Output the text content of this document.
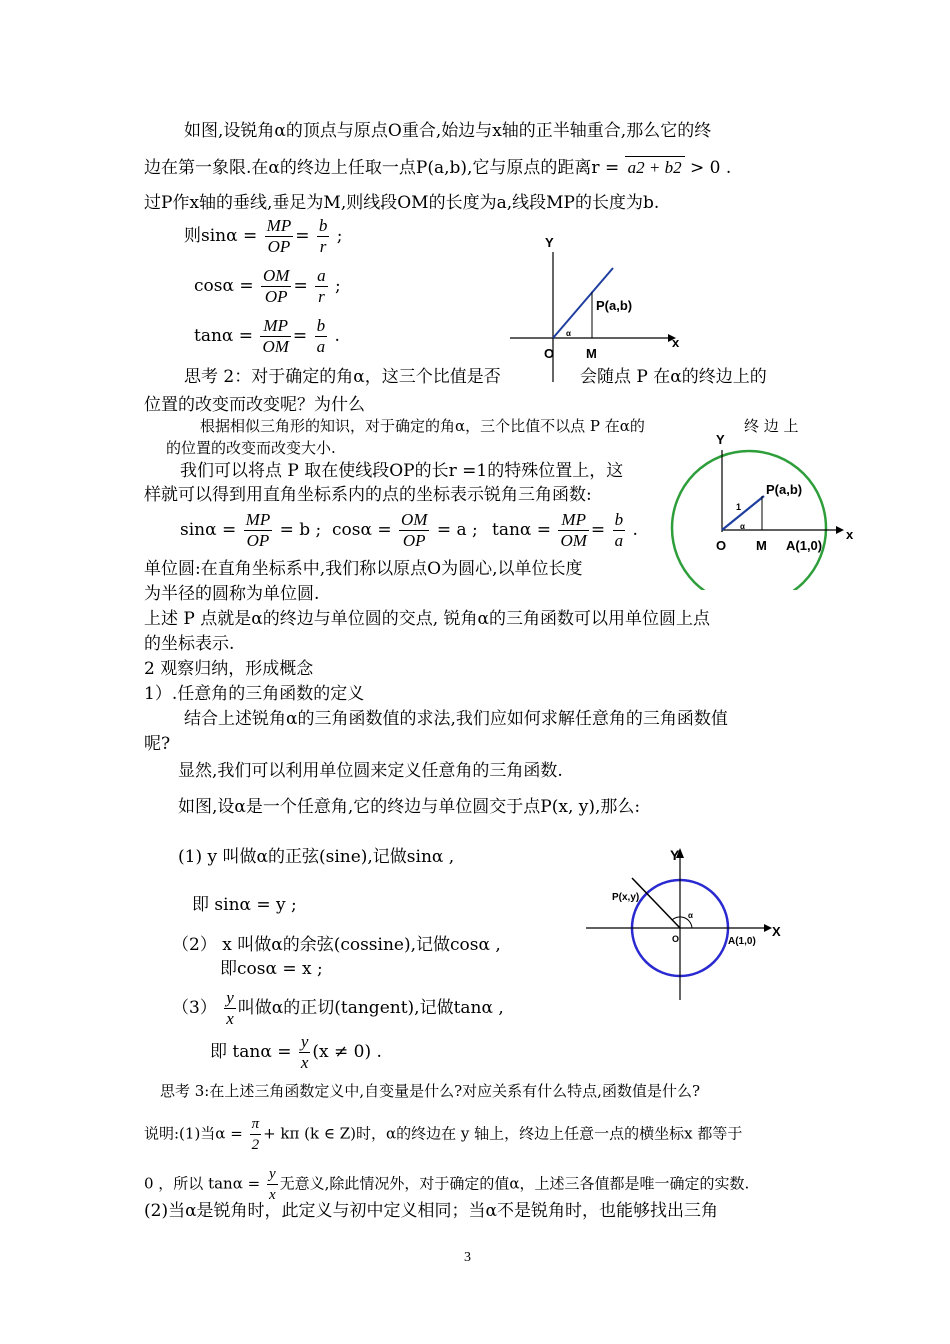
如图,设锐角α的顶点与原点O重合,始边与x轴的正半轴重合,那么它的终
边在第一象限.在α的终边上任取一点P(a,b),它与原点的距离r = a2 + b2 > 0 .
过P作x轴的垂线,垂足为M,则线段OM的长度为a,线段MP的长度为b.
则$\sin\alpha = \frac{MP}{OP} = \frac{b}{r}$ ;
$\cos\alpha = \frac{OM}{OP} = \frac{a}{r}$ ;
$\tan\alpha = \frac{MP}{OM} = \frac{b}{a}$ .
Y
x
O M
P(a,b)
α
思考 2：对于确定的角α，这三个比值是否	会随点 P 在α的终边上的
位置的改变而改变呢？为什么
根据相似三角形的知识，对于确定的角α，三个比值不以点 P 在α的	终 边 上
的位置的改变而改变大小.
我们可以将点 P 取在使线段OP的长r =1的特殊位置上，这
样就可以得到用直角坐标系内的点的坐标表示锐角三角函数:
$\sin\alpha = \frac{MP}{OP} = b$ ; $\cos\alpha = \frac{OM}{OP} = a$ ; $\tan\alpha = \frac{MP}{OM} = \frac{b}{a}$ .
Y
x
O M A(1,0)
P(a,b)
1
α
单位圆:在直角坐标系中,我们称以原点O为圆心,以单位长度
为半径的圆称为单位圆.
上述 P 点就是α的终边与单位圆的交点, 锐角α的三角函数可以用单位圆上点
的坐标表示.
2 观察归纳，形成概念
1）.任意角的三角函数的定义
结合上述锐角α的三角函数值的求法,我们应如何求解任意角的三角函数值
呢?
显然,我们可以利用单位圆来定义任意角的三角函数.
如图,设α是一个任意角,它的终边与单位圆交于点P(x, y),那么:
(1) y 叫做α的正弦(sine),记做sinα ,
即 sinα = y ;
（2） x 叫做α的余弦(cossine),记做cosα ,
即cosα = x ;
$(3) \frac{y}{x}$ 叫做α的正切(tangent),记做tanα ,
即 $\tan\alpha = \frac{y}{x} (x \ne 0)$ .
Y
X
O	A(1,0)
P(x,y)
α
思考 3:在上述三角函数定义中,自变量是什么?对应关系有什么特点,函数值是什么?
说明:(1)当$\alpha = \frac{\pi}{2} + k\pi$ (k ∈ Z)时，α的终边在 y 轴上，终边上任意一点的横坐标x 都等于
0 ，所以 $\tan\alpha = \frac{y}{x}$ 无意义,除此情况外，对于确定的值α，上述三各值都是唯一确定的实数.
(2)当α是锐角时，此定义与初中定义相同；当α不是锐角时，也能够找出三角
3
